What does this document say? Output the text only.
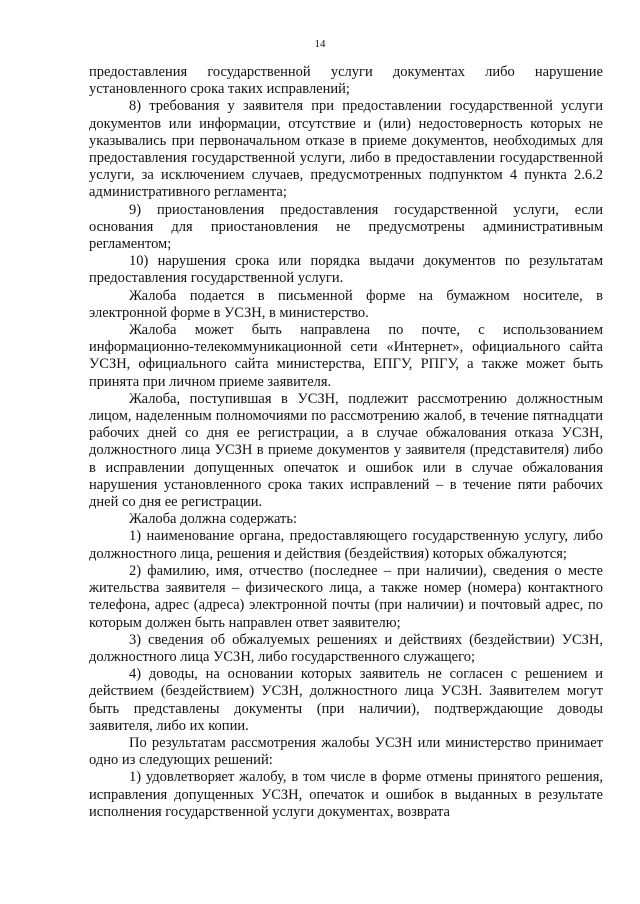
14

предоставления государственной услуги документах либо нарушение установленного срока таких исправлений;

8) требования у заявителя при предоставлении государственной услуги документов или информации, отсутствие и (или) недостоверность которых не указывались при первоначальном отказе в приеме документов, необходимых для предоставления государственной услуги, либо в предоставлении государственной услуги, за исключением случаев, предусмотренных подпунктом 4 пункта 2.6.2 административного регламента;

9) приостановления предоставления государственной услуги, если основания для приостановления не предусмотрены административным регламентом;

10) нарушения срока или порядка выдачи документов по результатам предоставления государственной услуги.

Жалоба подается в письменной форме на бумажном носителе, в электронной форме в УСЗН, в министерство.

Жалоба может быть направлена по почте, с использованием информационно-телекоммуникационной сети «Интернет», официального сайта УСЗН, официального сайта министерства, ЕПГУ, РПГУ, а также может быть принята при личном приеме заявителя.

Жалоба, поступившая в УСЗН, подлежит рассмотрению должностным лицом, наделенным полномочиями по рассмотрению жалоб, в течение пятнадцати рабочих дней со дня ее регистрации, а в случае обжалования отказа УСЗН, должностного лица УСЗН в приеме документов у заявителя (представителя) либо в исправлении допущенных опечаток и ошибок или в случае обжалования нарушения установленного срока таких исправлений – в течение пяти рабочих дней со дня ее регистрации.

Жалоба должна содержать:

1) наименование органа, предоставляющего государственную услугу, либо должностного лица, решения и действия (бездействия) которых обжалуются;

2) фамилию, имя, отчество (последнее – при наличии), сведения о месте жительства заявителя – физического лица, а также номер (номера) контактного телефона, адрес (адреса) электронной почты (при наличии) и почтовый адрес, по которым должен быть направлен ответ заявителю;

3) сведения об обжалуемых решениях и действиях (бездействии) УСЗН, должностного лица УСЗН, либо государственного служащего;

4) доводы, на основании которых заявитель не согласен с решением и действием (бездействием) УСЗН, должностного лица УСЗН. Заявителем могут быть представлены документы (при наличии), подтверждающие доводы заявителя, либо их копии.

По результатам рассмотрения жалобы УСЗН или министерство принимает одно из следующих решений:

1) удовлетворяет жалобу, в том числе в форме отмены принятого решения, исправления допущенных УСЗН, опечаток и ошибок в выданных в результате исполнения государственной услуги документах, возврата
